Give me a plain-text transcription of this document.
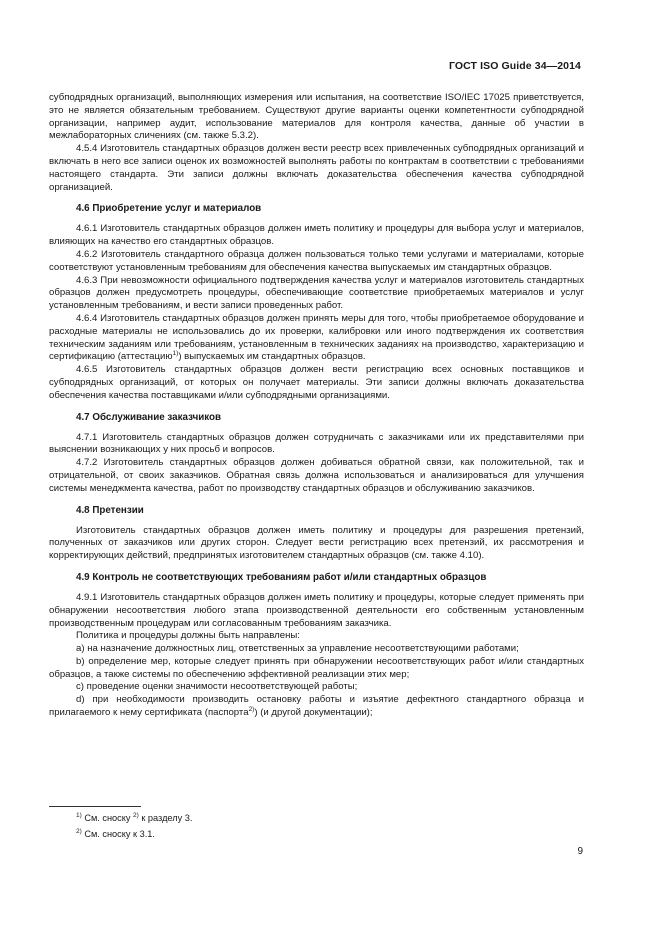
ГОСТ ISO Guide 34—2014

субподрядных организаций, выполняющих измерения или испытания, на соответствие ISO/IEC 17025 приветствуется, это не является обязательным требованием. Существуют другие варианты оценки компетентности субподрядной организации, например аудит, использование материалов для контроля качества, данные об участии в межлабораторных сличениях (см. также 5.3.2).

4.5.4 Изготовитель стандартных образцов должен вести реестр всех привлеченных субподрядных организаций и включать в него все записи оценок их возможностей выполнять работы по контрактам в соответствии с требованиями настоящего стандарта. Эти записи должны включать доказательства обеспечения качества субподрядной организацией.

4.6 Приобретение услуг и материалов

4.6.1 Изготовитель стандартных образцов должен иметь политику и процедуры для выбора услуг и материалов, влияющих на качество его стандартных образцов.

4.6.2 Изготовитель стандартного образца должен пользоваться только теми услугами и материалами, которые соответствуют установленным требованиям для обеспечения качества выпускаемых им стандартных образцов.

4.6.3 При невозможности официального подтверждения качества услуг и материалов изготовитель стандартных образцов должен предусмотреть процедуры, обеспечивающие соответствие приобретаемых материалов и услуг установленным требованиям, и вести записи проведенных работ.

4.6.4 Изготовитель стандартных образцов должен принять меры для того, чтобы приобретаемое оборудование и расходные материалы не использовались до их проверки, калибровки или иного подтверждения их соответствия техническим заданиям или требованиям, установленным в технических заданиях на производство, характеризацию и сертификацию (аттестацию$^{1)}$) выпускаемых им стандартных образцов.

4.6.5 Изготовитель стандартных образцов должен вести регистрацию всех основных поставщиков и субподрядных организаций, от которых он получает материалы. Эти записи должны включать доказательства обеспечения качества поставщиками и/или субподрядными организациями.

4.7 Обслуживание заказчиков

4.7.1 Изготовитель стандартных образцов должен сотрудничать с заказчиками или их представителями при выяснении возникающих у них просьб и вопросов.

4.7.2 Изготовитель стандартных образцов должен добиваться обратной связи, как положительной, так и отрицательной, от своих заказчиков. Обратная связь должна использоваться и анализироваться для улучшения системы менеджмента качества, работ по производству стандартных образцов и обслуживанию заказчиков.

4.8 Претензии

Изготовитель стандартных образцов должен иметь политику и процедуры для разрешения претензий, полученных от заказчиков или других сторон. Следует вести регистрацию всех претензий, их рассмотрения и корректирующих действий, предпринятых изготовителем стандартных образцов (см. также 4.10).

4.9 Контроль не соответствующих требованиям работ и/или стандартных образцов

4.9.1 Изготовитель стандартных образцов должен иметь политику и процедуры, которые следует применять при обнаружении несоответствия любого этапа производственной деятельности его собственным установленным производственным процедурам или согласованным требованиям заказчика.

Политика и процедуры должны быть направлены:

a) на назначение должностных лиц, ответственных за управление несоответствующими работами;

b) определение мер, которые следует принять при обнаружении несоответствующих работ и/или стандартных образцов, а также системы по обеспечению эффективной реализации этих мер;

c) проведение оценки значимости несоответствующей работы;

d) при необходимости производить остановку работы и изъятие дефектного стандартного образца и прилагаемого к нему сертификата (паспорта$^{2)}$) (и другой документации);

$^{1)}$ См. сноску $^{2)}$ к разделу 3.
$^{2)}$ См. сноску к 3.1.
9
